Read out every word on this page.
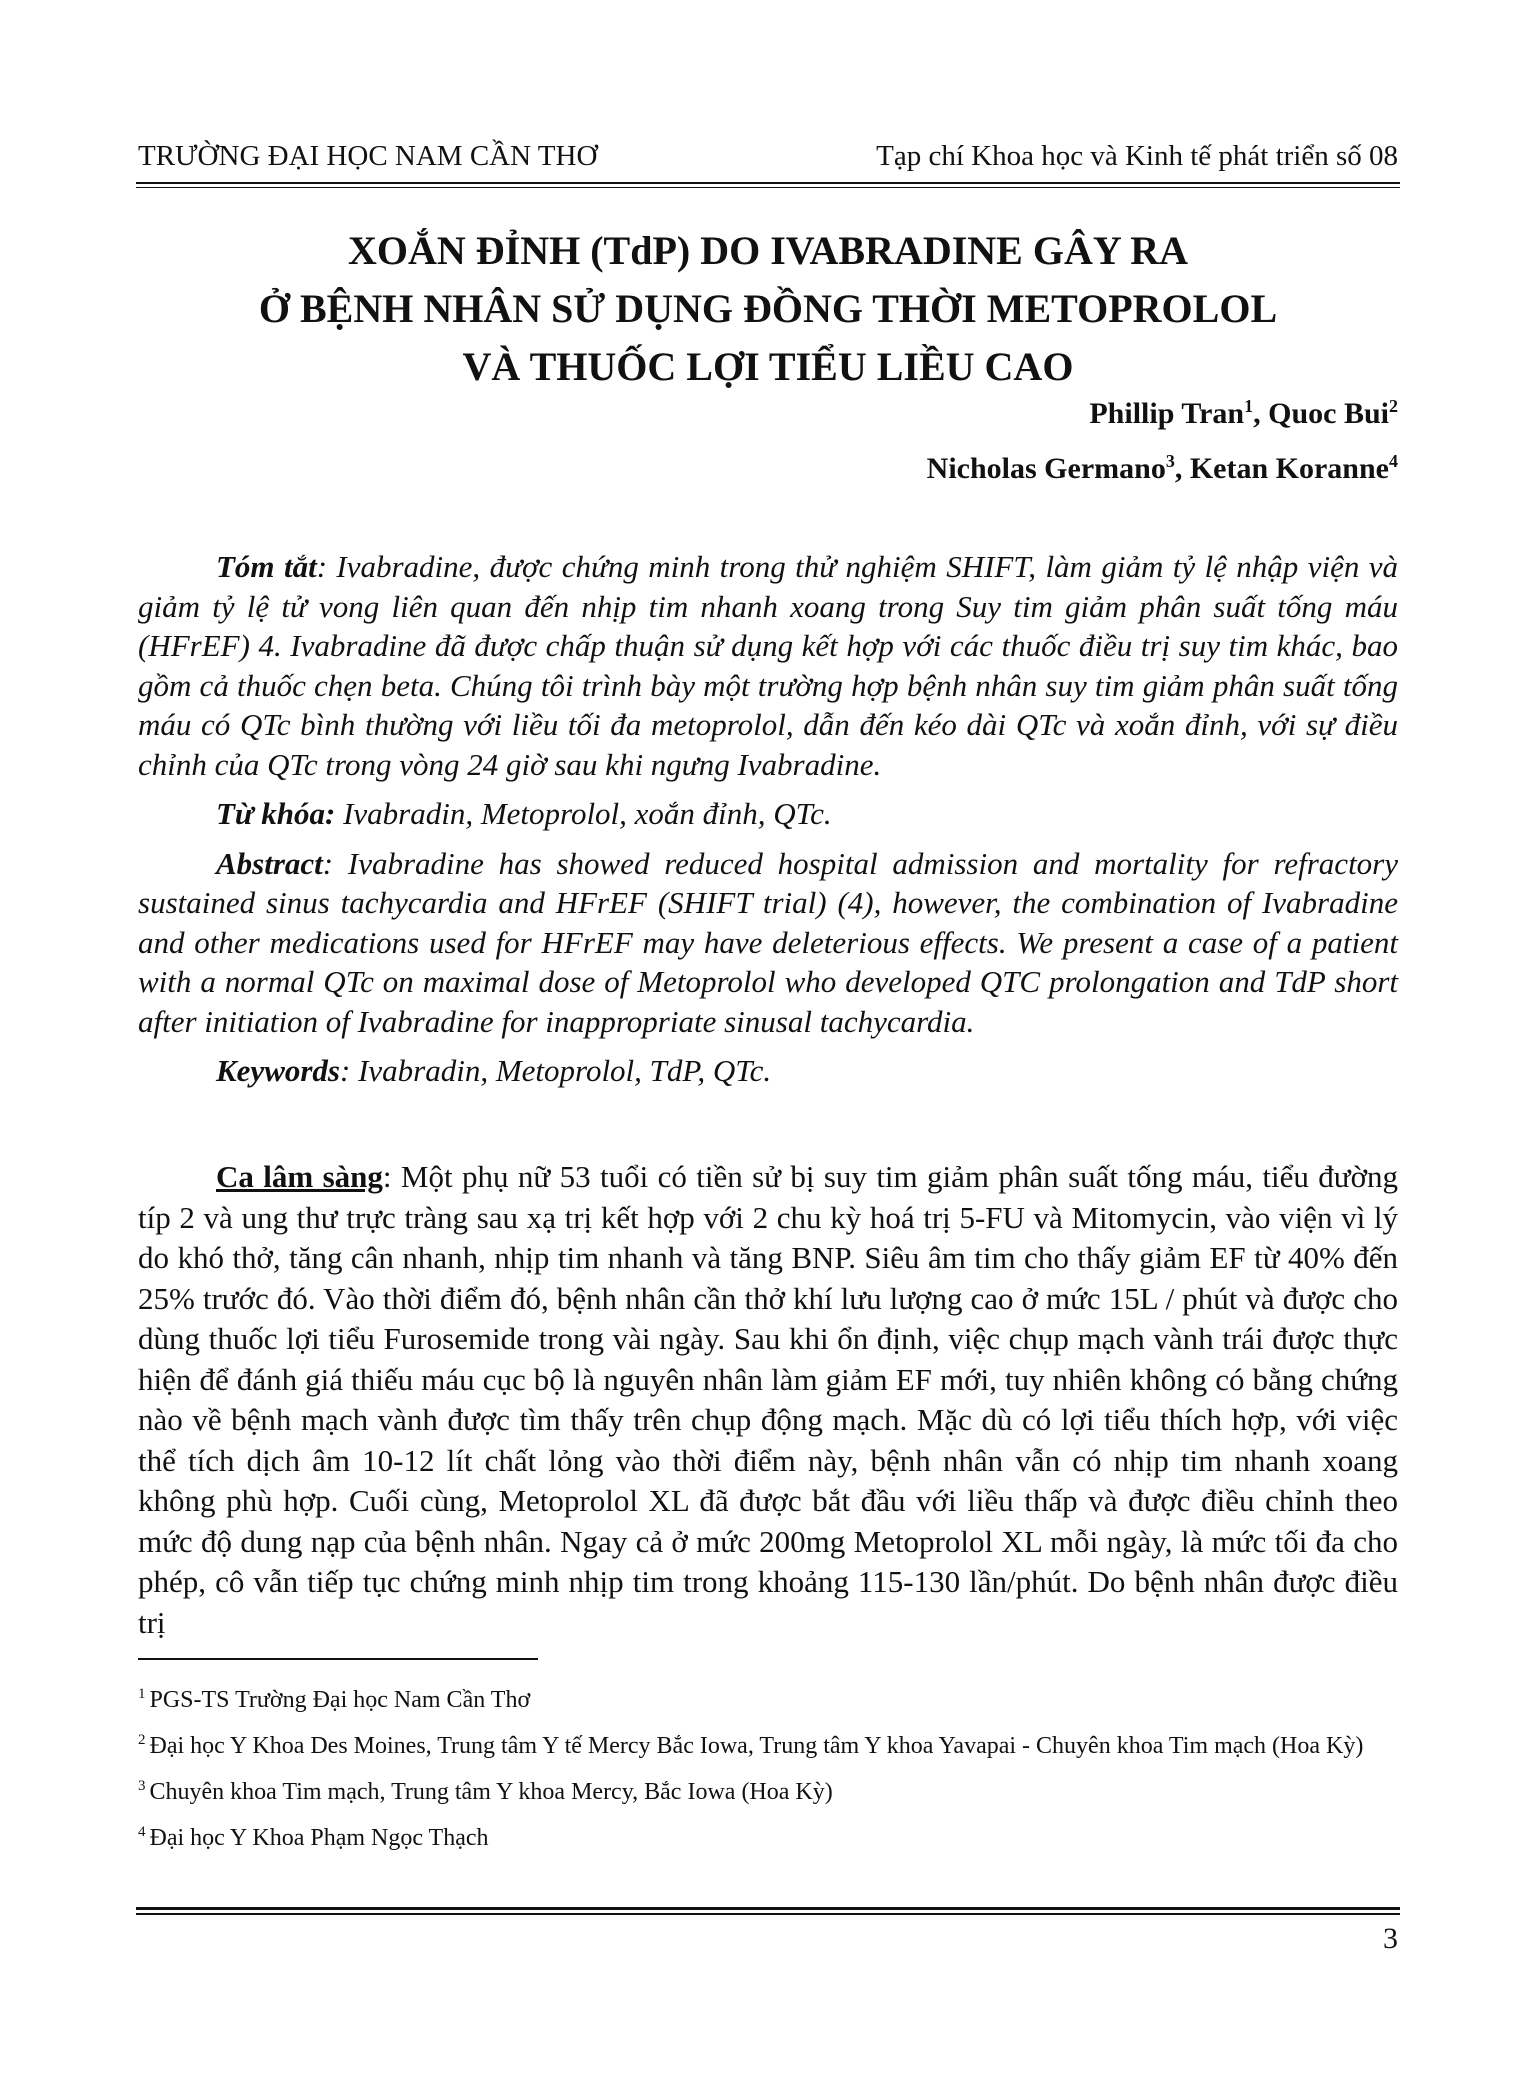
TRƯỜNG ĐẠI HỌC NAM CẦN THƠ	Tạp chí Khoa học và Kinh tế phát triển số 08
XOẮN ĐỈNH (TdP) DO IVABRADINE GÂY RA
Ở BỆNH NHÂN SỬ DỤNG ĐỒNG THỜI METOPROLOL
VÀ THUỐC LỢI TIỂU LIỀU CAO
Phillip Tran$^1$, Quoc Bui$^2$
Nicholas Germano$^3$, Ketan Koranne$^4$

Tóm tắt: Ivabradine, được chứng minh trong thử nghiệm SHIFT, làm giảm tỷ lệ nhập viện và giảm tỷ lệ tử vong liên quan đến nhịp tim nhanh xoang trong Suy tim giảm phân suất tống máu (HFrEF) 4. Ivabradine đã được chấp thuận sử dụng kết hợp với các thuốc điều trị suy tim khác, bao gồm cả thuốc chẹn beta. Chúng tôi trình bày một trường hợp bệnh nhân suy tim giảm phân suất tống máu có QTc bình thường với liều tối đa metoprolol, dẫn đến kéo dài QTc và xoắn đỉnh, với sự điều chỉnh của QTc trong vòng 24 giờ sau khi ngưng Ivabradine.

Từ khóa: Ivabradin, Metoprolol, xoắn đỉnh, QTc.

Abstract: Ivabradine has showed reduced hospital admission and mortality for refractory sustained sinus tachycardia and HFrEF (SHIFT trial) (4), however, the combination of Ivabradine and other medications used for HFrEF may have deleterious effects. We present a case of a patient with a normal QTc on maximal dose of Metoprolol who developed QTC prolongation and TdP short after initiation of Ivabradine for inappropriate sinusal tachycardia.

Keywords: Ivabradin, Metoprolol, TdP, QTc.

Ca lâm sàng: Một phụ nữ 53 tuổi có tiền sử bị suy tim giảm phân suất tống máu, tiểu đường típ 2 và ung thư trực tràng sau xạ trị kết hợp với 2 chu kỳ hoá trị 5-FU và Mitomycin, vào viện vì lý do khó thở, tăng cân nhanh, nhịp tim nhanh và tăng BNP. Siêu âm tim cho thấy giảm EF từ 40% đến 25% trước đó. Vào thời điểm đó, bệnh nhân cần thở khí lưu lượng cao ở mức 15L / phút và được cho dùng thuốc lợi tiểu Furosemide trong vài ngày. Sau khi ổn định, việc chụp mạch vành trái được thực hiện để đánh giá thiếu máu cục bộ là nguyên nhân làm giảm EF mới, tuy nhiên không có bằng chứng nào về bệnh mạch vành được tìm thấy trên chụp động mạch. Mặc dù có lợi tiểu thích hợp, với việc thể tích dịch âm 10-12 lít chất lỏng vào thời điểm này, bệnh nhân vẫn có nhịp tim nhanh xoang không phù hợp. Cuối cùng, Metoprolol XL đã được bắt đầu với liều thấp và được điều chỉnh theo mức độ dung nạp của bệnh nhân. Ngay cả ở mức 200mg Metoprolol XL mỗi ngày, là mức tối đa cho phép, cô vẫn tiếp tục chứng minh nhịp tim trong khoảng 115-130 lần/phút. Do bệnh nhân được điều trị

$^1$ PGS-TS Trường Đại học Nam Cần Thơ

$^2$ Đại học Y Khoa Des Moines, Trung tâm Y tế Mercy Bắc Iowa, Trung tâm Y khoa Yavapai - Chuyên khoa Tim mạch (Hoa Kỳ)

$^3$ Chuyên khoa Tim mạch, Trung tâm Y khoa Mercy, Bắc Iowa (Hoa Kỳ)

$^4$ Đại học Y Khoa Phạm Ngọc Thạch

3
